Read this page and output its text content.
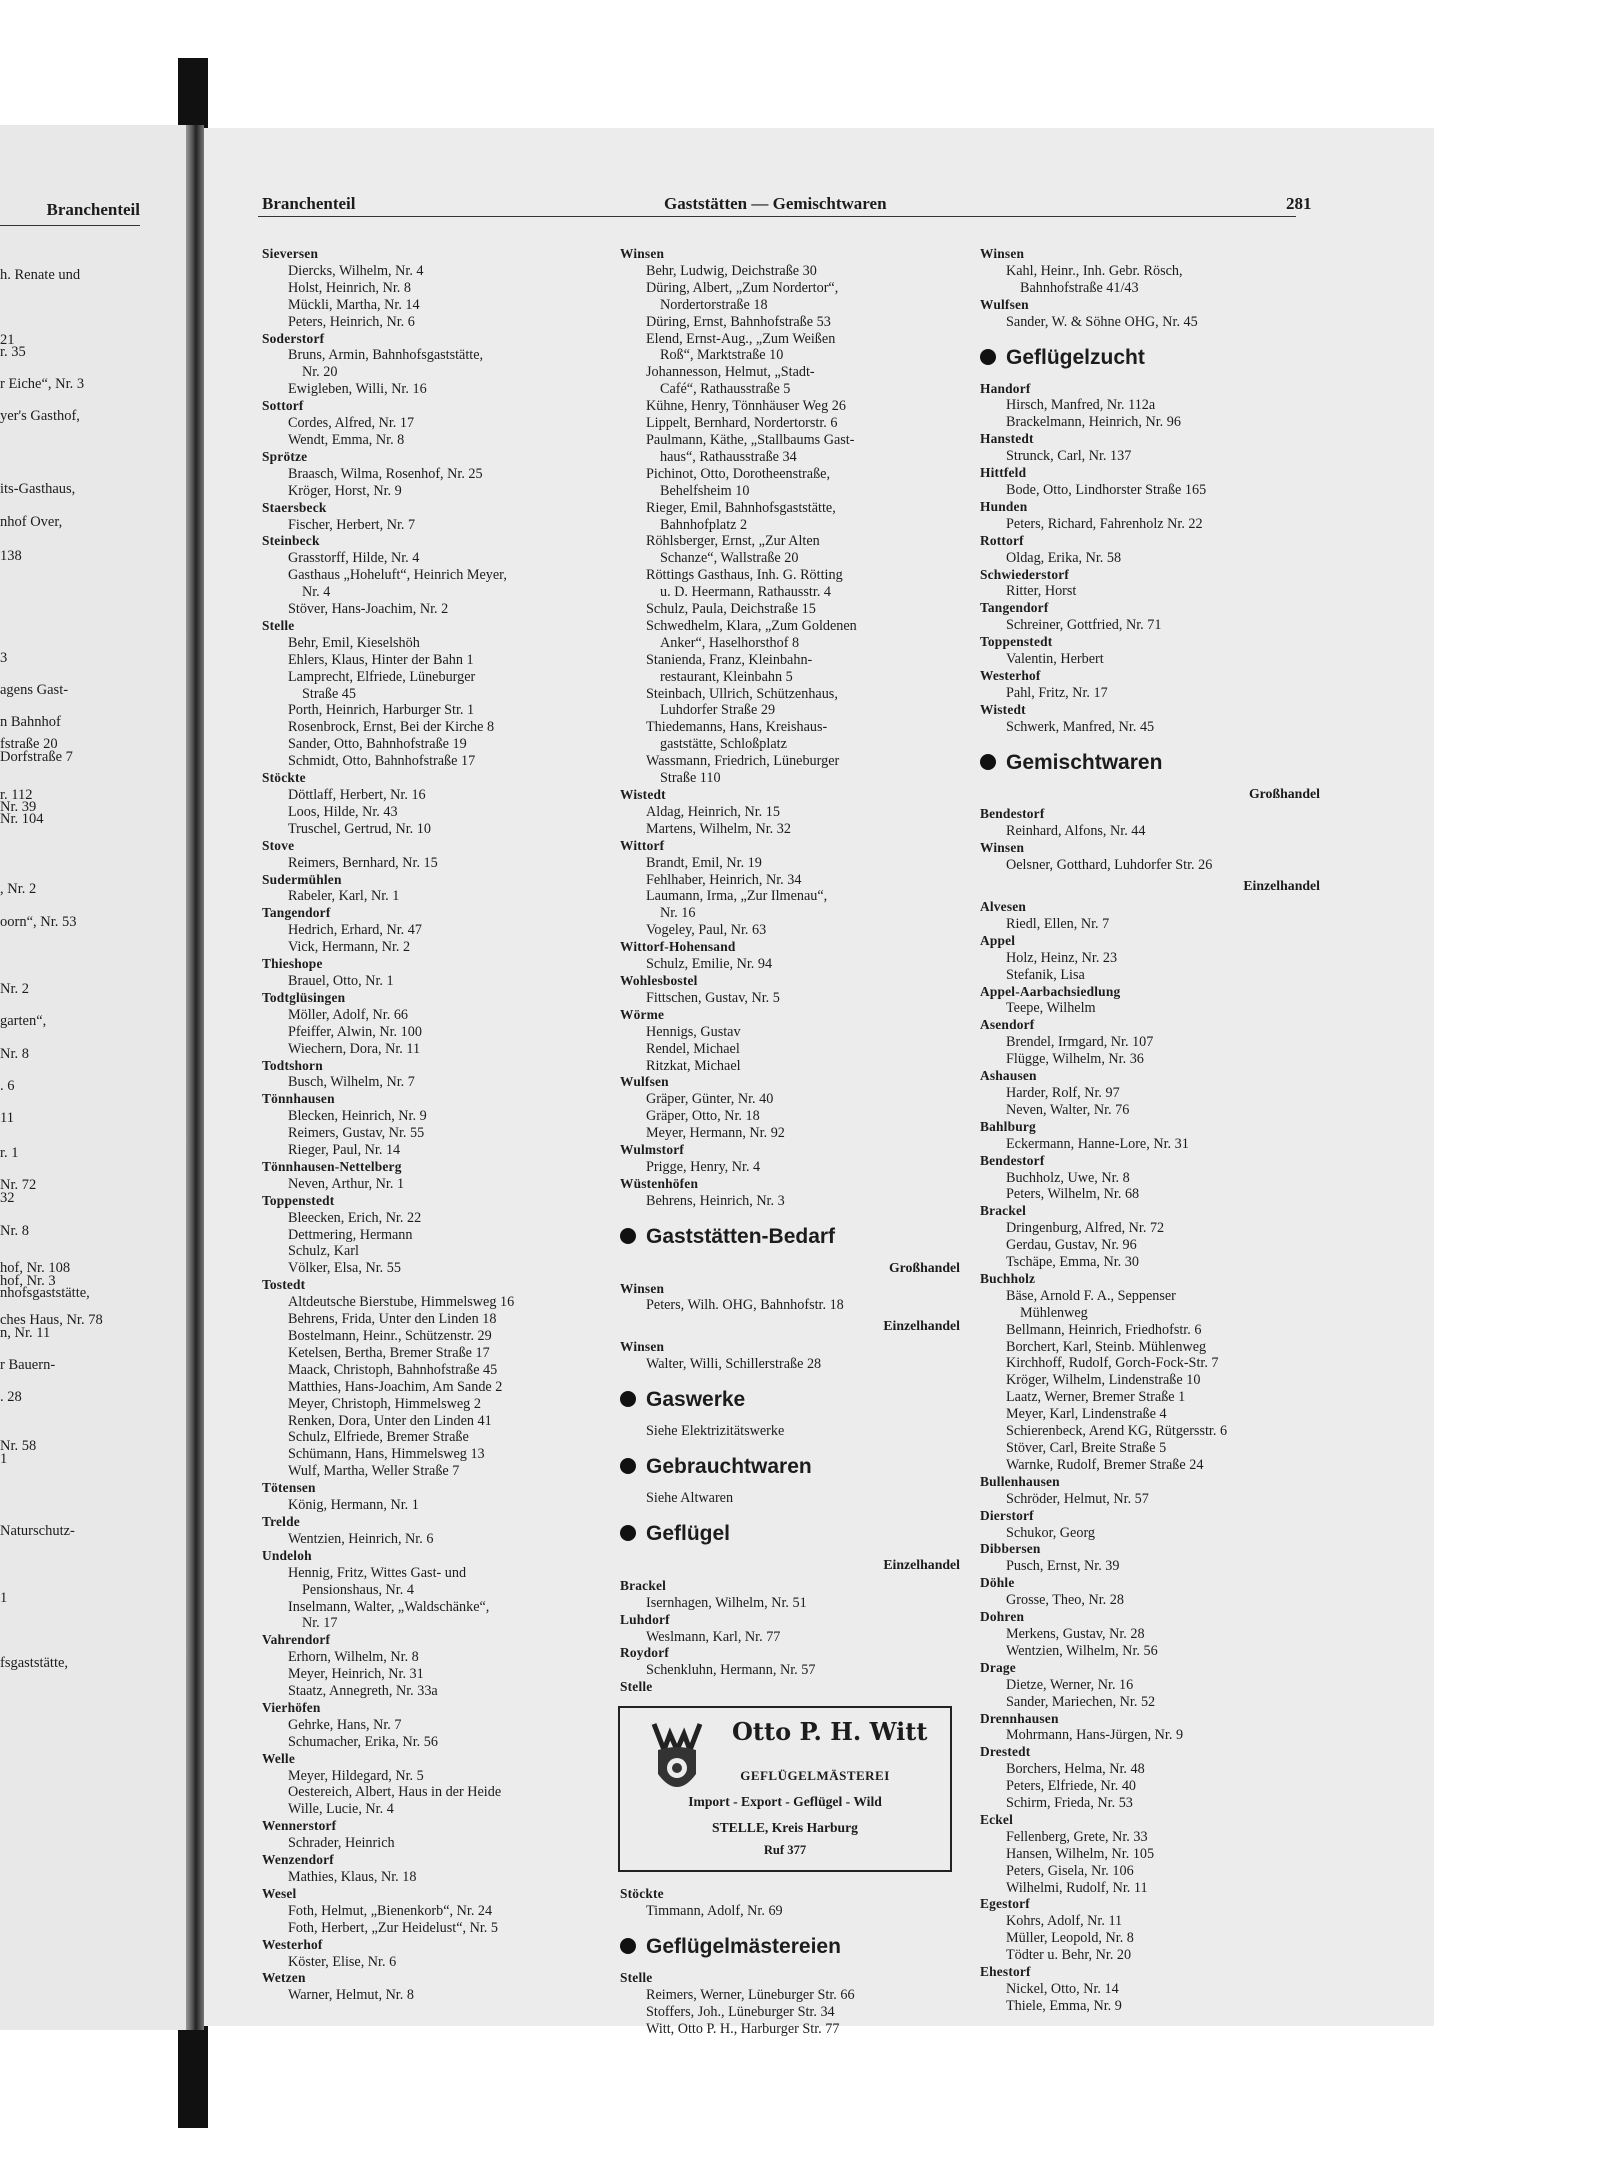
Branchenteil
h. Renate und
21
r. 35
r Eiche“, Nr. 3
yer's Gasthof,
its-Gasthaus,
nhof Over,
138
3
agens Gast-
n Bahnhof
fstraße 20
Dorfstraße 7
r. 112
Nr. 39
Nr. 104
, Nr. 2
oorn“, Nr. 53
Nr. 2
garten“,
Nr. 8
. 6
11
r. 1
Nr. 72
32
Nr. 8
hof, Nr. 108
hof, Nr. 3
nhofsgaststätte,
ches Haus, Nr. 78
n, Nr. 11
r Bauern-
. 28
Nr. 58
1
Naturschutz-
1
fsgaststätte,
Branchenteil	Gaststätten — Gemischtwaren	281
Sieversen
Diercks, Wilhelm, Nr. 4
Holst, Heinrich, Nr. 8
Mückli, Martha, Nr. 14
Peters, Heinrich, Nr. 6
Soderstorf
Bruns, Armin, Bahnhofsgaststätte,
Nr. 20
Ewigleben, Willi, Nr. 16
Sottorf
Cordes, Alfred, Nr. 17
Wendt, Emma, Nr. 8
Sprötze
Braasch, Wilma, Rosenhof, Nr. 25
Kröger, Horst, Nr. 9
Staersbeck
Fischer, Herbert, Nr. 7
Steinbeck
Grasstorff, Hilde, Nr. 4
Gasthaus „Hoheluft“, Heinrich Meyer,
Nr. 4
Stöver, Hans-Joachim, Nr. 2
Stelle
Behr, Emil, Kieselshöh
Ehlers, Klaus, Hinter der Bahn 1
Lamprecht, Elfriede, Lüneburger
Straße 45
Porth, Heinrich, Harburger Str. 1
Rosenbrock, Ernst, Bei der Kirche 8
Sander, Otto, Bahnhofstraße 19
Schmidt, Otto, Bahnhofstraße 17
Stöckte
Döttlaff, Herbert, Nr. 16
Loos, Hilde, Nr. 43
Truschel, Gertrud, Nr. 10
Stove
Reimers, Bernhard, Nr. 15
Sudermühlen
Rabeler, Karl, Nr. 1
Tangendorf
Hedrich, Erhard, Nr. 47
Vick, Hermann, Nr. 2
Thieshope
Brauel, Otto, Nr. 1
Todtglüsingen
Möller, Adolf, Nr. 66
Pfeiffer, Alwin, Nr. 100
Wiechern, Dora, Nr. 11
Todtshorn
Busch, Wilhelm, Nr. 7
Tönnhausen
Blecken, Heinrich, Nr. 9
Reimers, Gustav, Nr. 55
Rieger, Paul, Nr. 14
Tönnhausen-Nettelberg
Neven, Arthur, Nr. 1
Toppenstedt
Bleecken, Erich, Nr. 22
Dettmering, Hermann
Schulz, Karl
Völker, Elsa, Nr. 55
Tostedt
Altdeutsche Bierstube, Himmelsweg 16
Behrens, Frida, Unter den Linden 18
Bostelmann, Heinr., Schützenstr. 29
Ketelsen, Bertha, Bremer Straße 17
Maack, Christoph, Bahnhofstraße 45
Matthies, Hans-Joachim, Am Sande 2
Meyer, Christoph, Himmelsweg 2
Renken, Dora, Unter den Linden 41
Schulz, Elfriede, Bremer Straße
Schümann, Hans, Himmelsweg 13
Wulf, Martha, Weller Straße 7
Tötensen
König, Hermann, Nr. 1
Trelde
Wentzien, Heinrich, Nr. 6
Undeloh
Hennig, Fritz, Wittes Gast- und
Pensionshaus, Nr. 4
Inselmann, Walter, „Waldschänke“,
Nr. 17
Vahrendorf
Erhorn, Wilhelm, Nr. 8
Meyer, Heinrich, Nr. 31
Staatz, Annegreth, Nr. 33a
Vierhöfen
Gehrke, Hans, Nr. 7
Schumacher, Erika, Nr. 56
Welle
Meyer, Hildegard, Nr. 5
Oestereich, Albert, Haus in der Heide
Wille, Lucie, Nr. 4
Wennerstorf
Schrader, Heinrich
Wenzendorf
Mathies, Klaus, Nr. 18
Wesel
Foth, Helmut, „Bienenkorb“, Nr. 24
Foth, Herbert, „Zur Heidelust“, Nr. 5
Westerhof
Köster, Elise, Nr. 6
Wetzen
Warner, Helmut, Nr. 8
Winsen
Behr, Ludwig, Deichstraße 30
Düring, Albert, „Zum Nordertor“,
Nordertorstraße 18
Düring, Ernst, Bahnhofstraße 53
Elend, Ernst-Aug., „Zum Weißen
Roß“, Marktstraße 10
Johannesson, Helmut, „Stadt-
Café“, Rathausstraße 5
Kühne, Henry, Tönnhäuser Weg 26
Lippelt, Bernhard, Nordertorstr. 6
Paulmann, Käthe, „Stallbaums Gast-
haus“, Rathausstraße 34
Pichinot, Otto, Dorotheenstraße,
Behelfsheim 10
Rieger, Emil, Bahnhofsgaststätte,
Bahnhofplatz 2
Röhlsberger, Ernst, „Zur Alten
Schanze“, Wallstraße 20
Röttings Gasthaus, Inh. G. Rötting
u. D. Heermann, Rathausstr. 4
Schulz, Paula, Deichstraße 15
Schwedhelm, Klara, „Zum Goldenen
Anker“, Haselhorsthof 8
Stanienda, Franz, Kleinbahn-
restaurant, Kleinbahn 5
Steinbach, Ullrich, Schützenhaus,
Luhdorfer Straße 29
Thiedemanns, Hans, Kreishaus-
gaststätte, Schloßplatz
Wassmann, Friedrich, Lüneburger
Straße 110
Wistedt
Aldag, Heinrich, Nr. 15
Martens, Wilhelm, Nr. 32
Wittorf
Brandt, Emil, Nr. 19
Fehlhaber, Heinrich, Nr. 34
Laumann, Irma, „Zur Ilmenau“,
Nr. 16
Vogeley, Paul, Nr. 63
Wittorf-Hohensand
Schulz, Emilie, Nr. 94
Wohlesbostel
Fittschen, Gustav, Nr. 5
Wörme
Hennigs, Gustav
Rendel, Michael
Ritzkat, Michael
Wulfsen
Gräper, Günter, Nr. 40
Gräper, Otto, Nr. 18
Meyer, Hermann, Nr. 92
Wulmstorf
Prigge, Henry, Nr. 4
Wüstenhöfen
Behrens, Heinrich, Nr. 3
Gaststätten-Bedarf
Großhandel
Winsen
Peters, Wilh. OHG, Bahnhofstr. 18
Einzelhandel
Winsen
Walter, Willi, Schillerstraße 28
Gaswerke
Siehe Elektrizitätswerke
Gebrauchtwaren
Siehe Altwaren
Geflügel
Einzelhandel
Brackel
Isernhagen, Wilhelm, Nr. 51
Luhdorf
Weslmann, Karl, Nr. 77
Roydorf
Schenkluhn, Hermann, Nr. 57
Stelle
Otto P. H. Witt
GEFLÜGELMÄSTEREI
Import - Export - Geflügel - Wild
STELLE, Kreis Harburg
Ruf 377
Stöckte
Timmann, Adolf, Nr. 69
Geflügelmästereien
Stelle
Reimers, Werner, Lüneburger Str. 66
Stoffers, Joh., Lüneburger Str. 34
Witt, Otto P. H., Harburger Str. 77
Winsen
Kahl, Heinr., Inh. Gebr. Rösch,
Bahnhofstraße 41/43
Wulfsen
Sander, W. & Söhne OHG, Nr. 45
Geflügelzucht
Handorf
Hirsch, Manfred, Nr. 112a
Brackelmann, Heinrich, Nr. 96
Hanstedt
Strunck, Carl, Nr. 137
Hittfeld
Bode, Otto, Lindhorster Straße 165
Hunden
Peters, Richard, Fahrenholz Nr. 22
Rottorf
Oldag, Erika, Nr. 58
Schwiederstorf
Ritter, Horst
Tangendorf
Schreiner, Gottfried, Nr. 71
Toppenstedt
Valentin, Herbert
Westerhof
Pahl, Fritz, Nr. 17
Wistedt
Schwerk, Manfred, Nr. 45
Gemischtwaren
Großhandel
Bendestorf
Reinhard, Alfons, Nr. 44
Winsen
Oelsner, Gotthard, Luhdorfer Str. 26
Einzelhandel
Alvesen
Riedl, Ellen, Nr. 7
Appel
Holz, Heinz, Nr. 23
Stefanik, Lisa
Appel-Aarbachsiedlung
Teepe, Wilhelm
Asendorf
Brendel, Irmgard, Nr. 107
Flügge, Wilhelm, Nr. 36
Ashausen
Harder, Rolf, Nr. 97
Neven, Walter, Nr. 76
Bahlburg
Eckermann, Hanne-Lore, Nr. 31
Bendestorf
Buchholz, Uwe, Nr. 8
Peters, Wilhelm, Nr. 68
Brackel
Dringenburg, Alfred, Nr. 72
Gerdau, Gustav, Nr. 96
Tschäpe, Emma, Nr. 30
Buchholz
Bäse, Arnold F. A., Seppenser
Mühlenweg
Bellmann, Heinrich, Friedhofstr. 6
Borchert, Karl, Steinb. Mühlenweg
Kirchhoff, Rudolf, Gorch-Fock-Str. 7
Kröger, Wilhelm, Lindenstraße 10
Laatz, Werner, Bremer Straße 1
Meyer, Karl, Lindenstraße 4
Schierenbeck, Arend KG, Rütgersstr. 6
Stöver, Carl, Breite Straße 5
Warnke, Rudolf, Bremer Straße 24
Bullenhausen
Schröder, Helmut, Nr. 57
Dierstorf
Schukor, Georg
Dibbersen
Pusch, Ernst, Nr. 39
Döhle
Grosse, Theo, Nr. 28
Dohren
Merkens, Gustav, Nr. 28
Wentzien, Wilhelm, Nr. 56
Drage
Dietze, Werner, Nr. 16
Sander, Mariechen, Nr. 52
Drennhausen
Mohrmann, Hans-Jürgen, Nr. 9
Drestedt
Borchers, Helma, Nr. 48
Peters, Elfriede, Nr. 40
Schirm, Frieda, Nr. 53
Eckel
Fellenberg, Grete, Nr. 33
Hansen, Wilhelm, Nr. 105
Peters, Gisela, Nr. 106
Wilhelmi, Rudolf, Nr. 11
Egestorf
Kohrs, Adolf, Nr. 11
Müller, Leopold, Nr. 8
Tödter u. Behr, Nr. 20
Ehestorf
Nickel, Otto, Nr. 14
Thiele, Emma, Nr. 9
